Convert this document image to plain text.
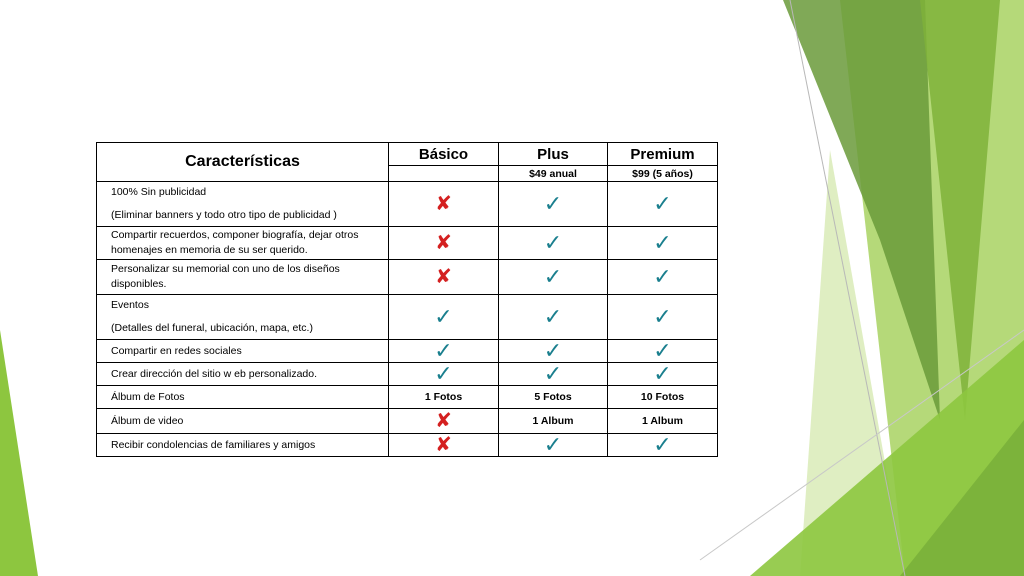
Características	Básico	Plus	Premium
		$49 anual	$99 (5 años)

100% Sin publicidad
(Eliminar banners y todo otro tipo de publicidad )	✘	✓	✓

Compartir recuerdos, componer biografía, dejar otros
homenajes en memoria de su ser querido.	✘	✓	✓

Personalizar su memorial con uno de los diseños
disponibles.	✘	✓	✓

Eventos
(Detalles del funeral, ubicación, mapa, etc.)	✓	✓	✓

Compartir en redes sociales	✓	✓	✓

Crear dirección del sitio w eb personalizado.	✓	✓	✓

Álbum de Fotos	1 Fotos	5 Fotos	10 Fotos

Álbum de video	✘	1 Album	1 Album

Recibir condolencias de familiares y amigos	✘	✓	✓
